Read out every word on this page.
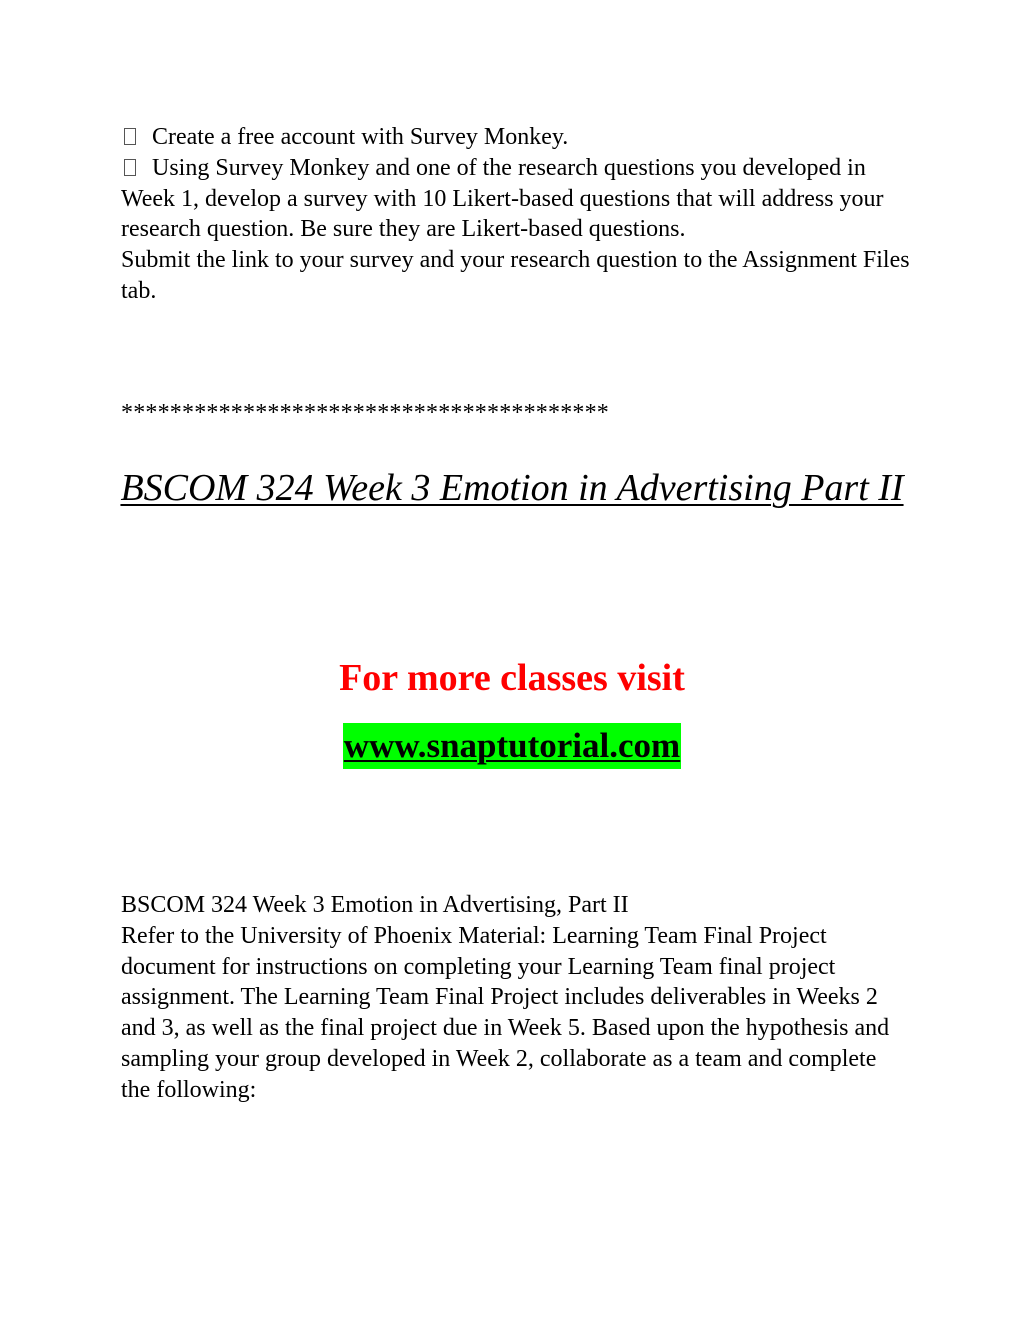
Create a free account with Survey Monkey.
Using Survey Monkey and one of the research questions you developed in Week 1, develop a survey with 10 Likert-based questions that will address your research question. Be sure they are Likert-based questions.
Submit the link to your survey and your research question to the Assignment Files tab.
****************************************
BSCOM 324 Week 3 Emotion in Advertising Part II
For more classes visit
www.snaptutorial.com
BSCOM 324 Week 3 Emotion in Advertising, Part II
Refer to the University of Phoenix Material: Learning Team Final Project document for instructions on completing your Learning Team final project assignment. The Learning Team Final Project includes deliverables in Weeks 2 and 3, as well as the final project due in Week 5. Based upon the hypothesis and sampling your group developed in Week 2, collaborate as a team and complete the following:
